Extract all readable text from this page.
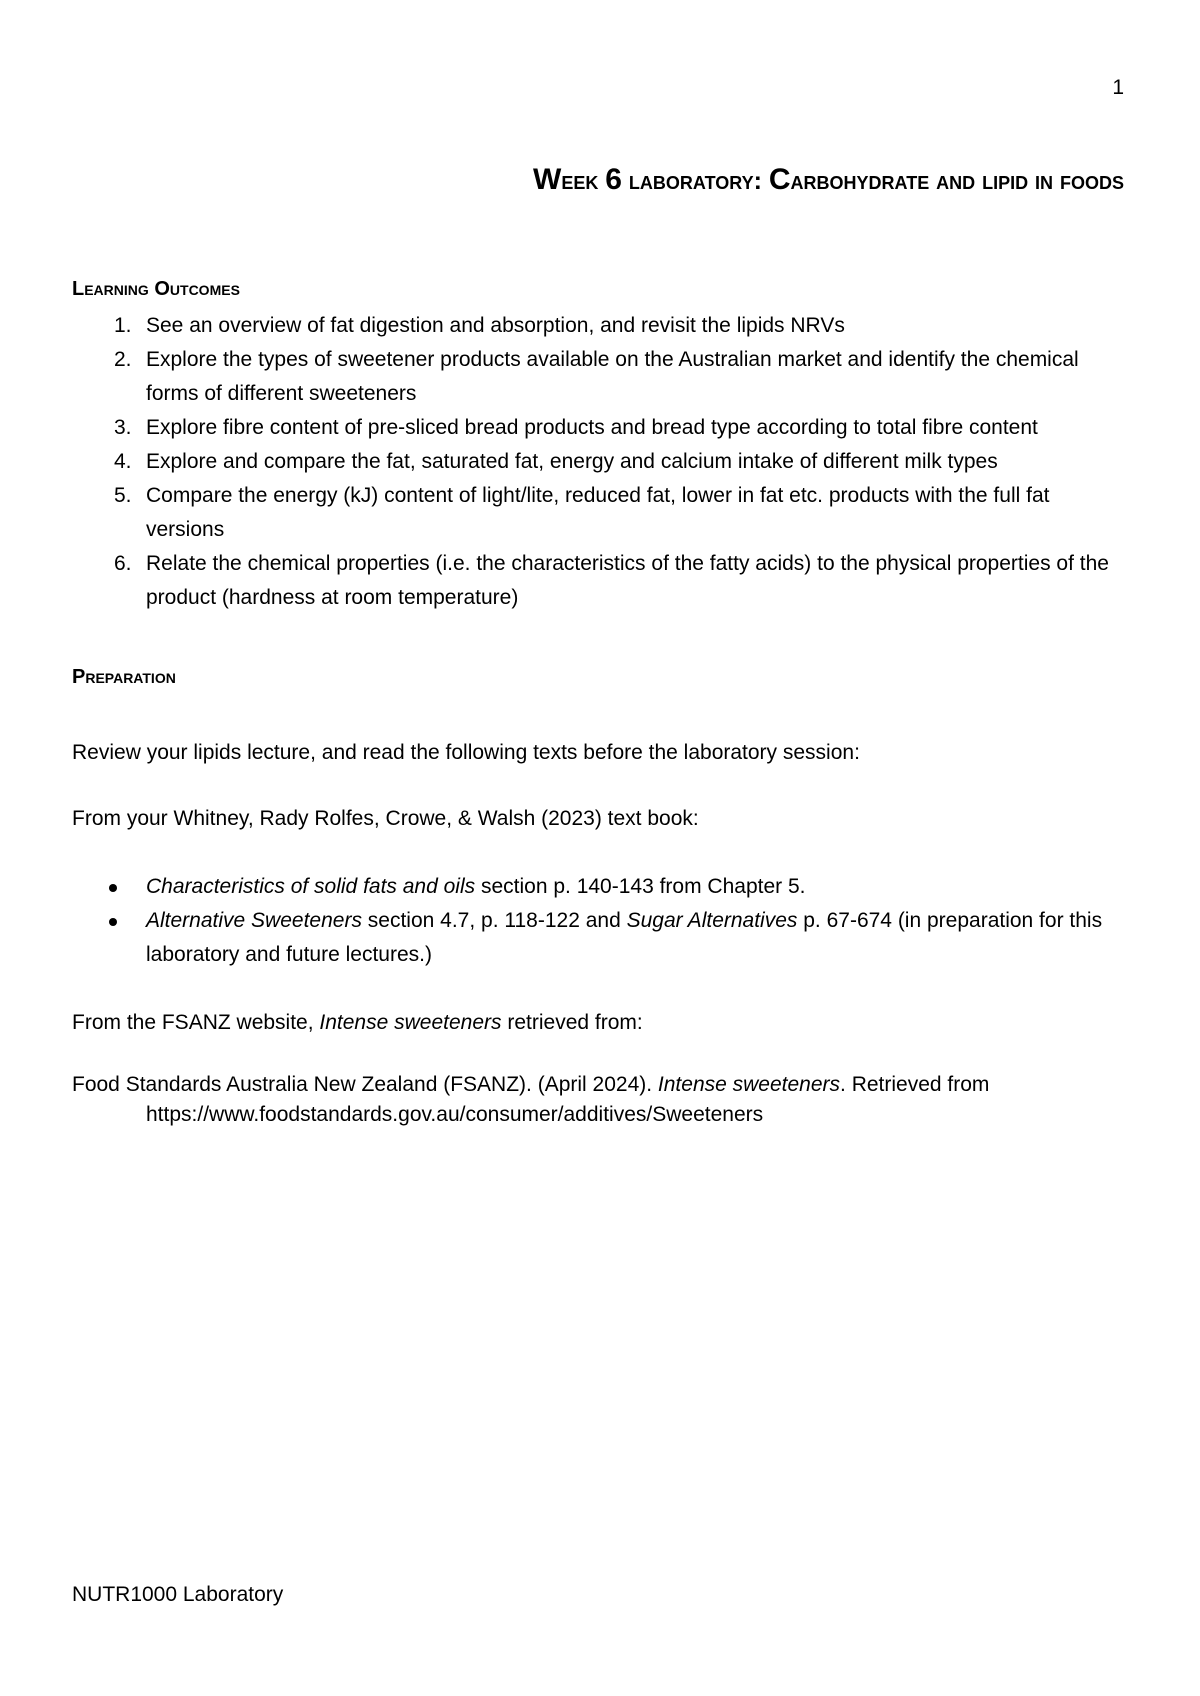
1
Week 6 laboratory: Carbohydrate and lipid in foods
Learning Outcomes
1. See an overview of fat digestion and absorption, and revisit the lipids NRVs
2. Explore the types of sweetener products available on the Australian market and identify the chemical forms of different sweeteners
3. Explore fibre content of pre-sliced bread products and bread type according to total fibre content
4. Explore and compare the fat, saturated fat, energy and calcium intake of different milk types
5. Compare the energy (kJ) content of light/lite, reduced fat, lower in fat etc. products with the full fat versions
6. Relate the chemical properties (i.e. the characteristics of the fatty acids) to the physical properties of the product (hardness at room temperature)
Preparation

Review your lipids lecture, and read the following texts before the laboratory session:

From your Whitney, Rady Rolfes, Crowe, & Walsh (2023) text book:

Characteristics of solid fats and oils section p. 140-143 from Chapter 5.
Alternative Sweeteners section 4.7, p. 118-122 and Sugar Alternatives p. 67-674 (in preparation for this laboratory and future lectures.)

From the FSANZ website, Intense sweeteners retrieved from:

Food Standards Australia New Zealand (FSANZ). (April 2024). Intense sweeteners. Retrieved from https://www.foodstandards.gov.au/consumer/additives/Sweeteners

NUTR1000 Laboratory
